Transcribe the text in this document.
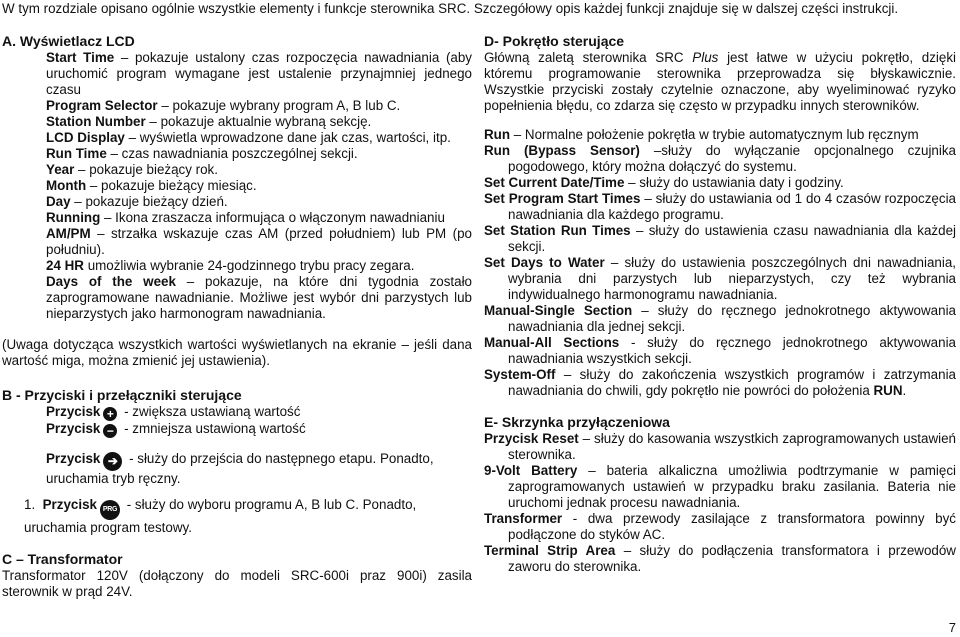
W tym rozdziale opisano ogólnie wszystkie elementy i funkcje sterownika SRC. Szczegółowy opis każdej funkcji znajduje się w dalszej części instrukcji.
A. Wyświetlacz LCD
Start Time – pokazuje ustalony czas rozpoczęcia nawadniania (aby uruchomić program wymagane jest ustalenie przynajmniej jednego czasu
Program Selector – pokazuje wybrany program A, B lub C.
Station Number – pokazuje aktualnie wybraną sekcję.
LCD Display – wyświetla wprowadzone dane jak czas, wartości, itp.
Run Time – czas nawadniania poszczególnej sekcji.
Year – pokazuje bieżący rok.
Month – pokazuje bieżący miesiąc.
Day – pokazuje bieżący dzień.
Running – Ikona zraszacza informująca o włączonym nawadnianiu
AM/PM – strzałka wskazuje czas AM (przed południem) lub PM (po południu).
24 HR umożliwia wybranie 24-godzinnego trybu pracy zegara.
Days of the week – pokazuje, na które dni tygodnia zostało zaprogramowane nawadnianie. Możliwe jest wybór dni parzystych lub nieparzystych jako harmonogram nawadniania.
(Uwaga dotycząca wszystkich wartości wyświetlanych na ekranie – jeśli dana wartość miga, można zmienić jej ustawienia).
B - Przyciski i przełączniki sterujące
Przycisk + - zwiększa ustawianą wartość
Przycisk − - zmniejsza ustawioną wartość
Przycisk ➔ - służy do przejścia do następnego etapu. Ponadto, uruchamia tryb ręczny.
1. Przycisk PRG - służy do wyboru programu A, B lub C. Ponadto, uruchamia program testowy.
C – Transformator
Transformator 120V (dołączony do modeli SRC-600i praz 900i) zasila sterownik w prąd 24V.
D- Pokrętło sterujące
Główną zaletą sterownika SRC Plus jest łatwe w użyciu pokrętło, dzięki któremu programowanie sterownika przeprowadza się błyskawicznie. Wszystkie przyciski zostały czytelnie oznaczone, aby wyeliminować ryzyko popełnienia błędu, co zdarza się często w przypadku innych sterowników.
Run – Normalne położenie pokrętła w trybie automatycznym lub ręcznym
Run (Bypass Sensor) –służy do wyłączanie opcjonalnego czujnika pogodowego, który można dołączyć do systemu.
Set Current Date/Time – służy do ustawiania daty i godziny.
Set Program Start Times – służy do ustawiania od 1 do 4 czasów rozpoczęcia nawadniania dla każdego programu.
Set Station Run Times – służy do ustawienia czasu nawadniania dla każdej sekcji.
Set Days to Water – służy do ustawienia poszczególnych dni nawadniania, wybrania dni parzystych lub nieparzystych, czy też wybrania indywidualnego harmonogramu nawadniania.
Manual-Single Section – służy do ręcznego jednokrotnego aktywowania nawadniania dla jednej sekcji.
Manual-All Sections - służy do ręcznego jednokrotnego aktywowania nawadniania wszystkich sekcji.
System-Off – służy do zakończenia wszystkich programów i zatrzymania nawadniania do chwili, gdy pokrętło nie powróci do położenia RUN.
E- Skrzynka przyłączeniowa
Przycisk Reset – służy do kasowania wszystkich zaprogramowanych ustawień sterownika.
9-Volt Battery – bateria alkaliczna umożliwia podtrzymanie w pamięci zaprogramowanych ustawień w przypadku braku zasilania. Bateria nie uruchomi jednak procesu nawadniania.
Transformer - dwa przewody zasilające z transformatora powinny być podłączone do styków AC.
Terminal Strip Area – służy do podłączenia transformatora i przewodów zaworu do sterownika.
7
